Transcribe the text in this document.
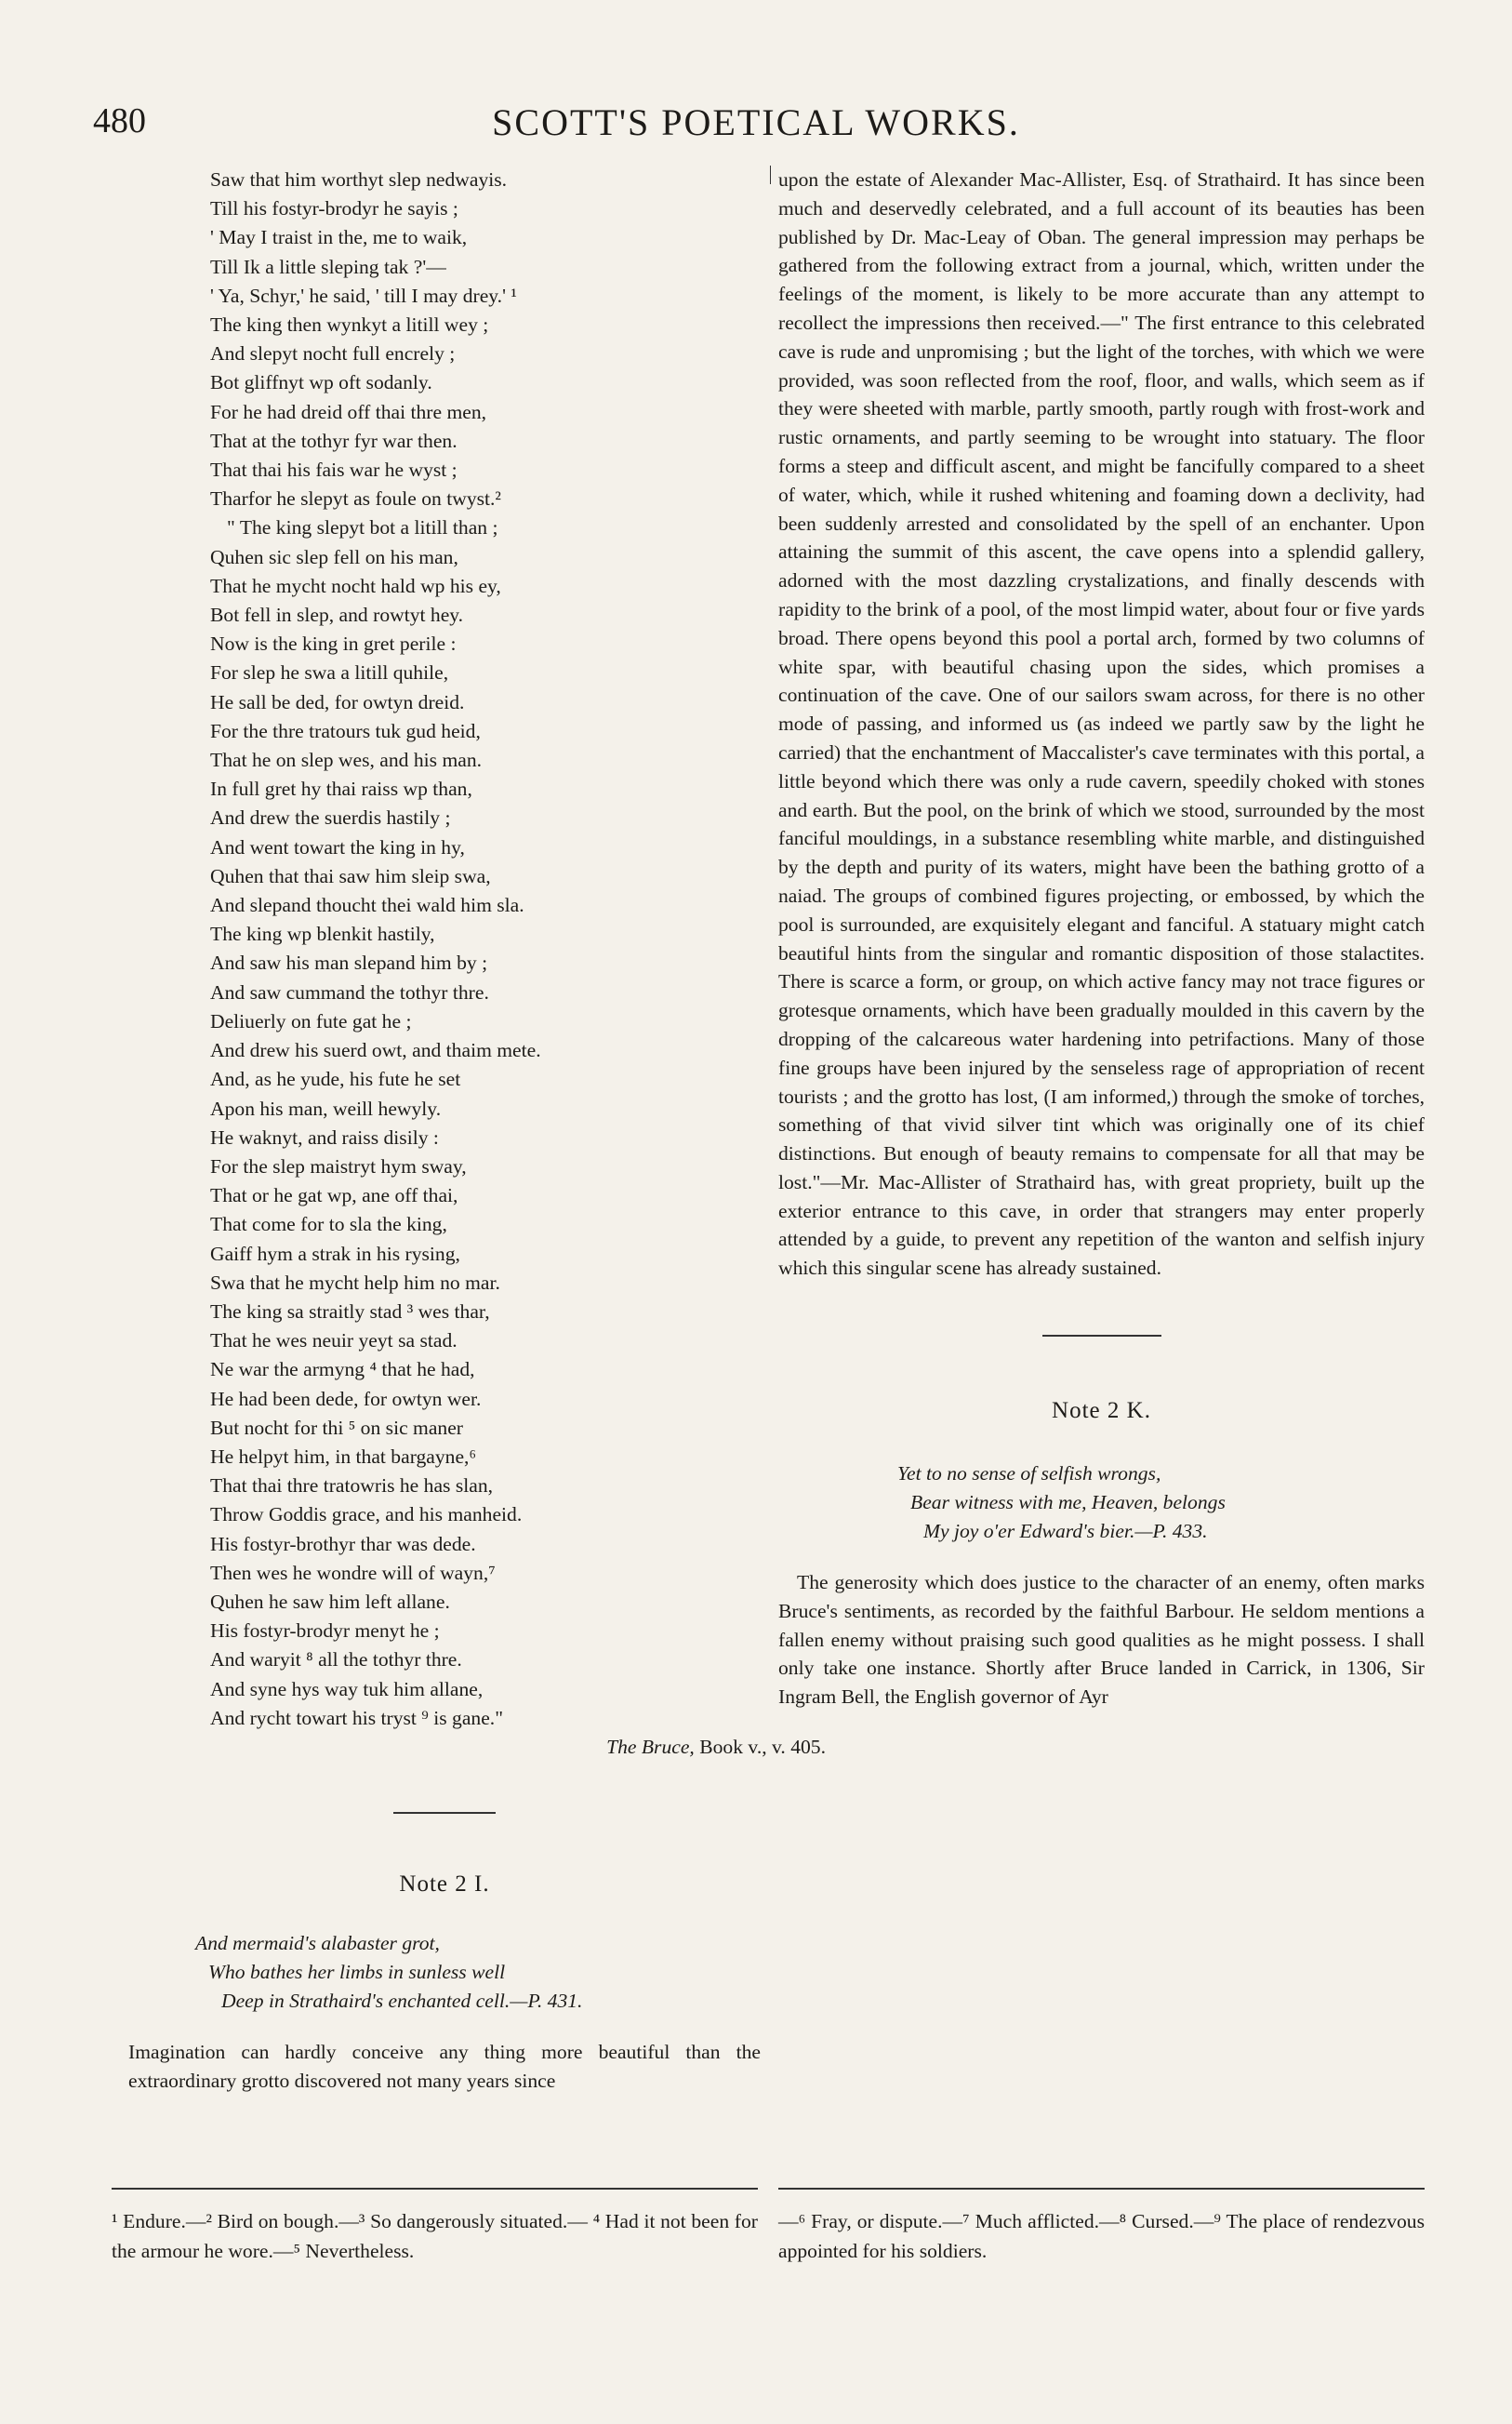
480	SCOTT'S POETICAL WORKS.
Saw that him worthyt slep nedwayis.
Till his fostyr-brodyr he sayis ;
' May I traist in the, me to waik,
Till Ik a little sleping tak ?'—
' Ya, Schyr,' he said, ' till I may drey.' ¹
The king then wynkyt a litill wey ;
And slepyt nocht full encrely ;
Bot gliffnyt wp oft sodanly.
For he had dreid off thai thre men,
That at the tothyr fyr war then.
That thai his fais war he wyst ;
Tharfor he slepyt as foule on twyst.²
" The king slepyt bot a litill than ;
Quhen sic slep fell on his man,
That he mycht nocht hald wp his ey,
Bot fell in slep, and rowtyt hey.
Now is the king in gret perile :
For slep he swa a litill quhile,
He sall be ded, for owtyn dreid.
For the thre tratours tuk gud heid,
That he on slep wes, and his man.
In full gret hy thai raiss wp than,
And drew the suerdis hastily ;
And went towart the king in hy,
Quhen that thai saw him sleip swa,
And slepand thoucht thei wald him sla.
The king wp blenkit hastily,
And saw his man slepand him by ;
And saw cummand the tothyr thre.
Deliuerly on fute gat he ;
And drew his suerd owt, and thaim mete.
And, as he yude, his fute he set
Apon his man, weill hewyly.
He waknyt, and raiss disily :
For the slep maistryt hym sway,
That or he gat wp, ane off thai,
That come for to sla the king,
Gaiff hym a strak in his rysing,
Swa that he mycht help him no mar.
The king sa straitly stad ³ wes thar,
That he wes neuir yeyt sa stad.
Ne war the armyng ⁴ that he had,
He had been dede, for owtyn wer.
But nocht for thi ⁵ on sic maner
He helpyt him, in that bargayne,⁶
That thai thre tratowris he has slan,
Throw Goddis grace, and his manheid.
His fostyr-brothyr thar was dede.
Then wes he wondre will of wayn,⁷
Quhen he saw him left allane.
His fostyr-brodyr menyt he ;
And waryit ⁸ all the tothyr thre.
And syne hys way tuk him allane,
And rycht towart his tryst ⁹ is gane."
The Bruce, Book v., v. 405.
Note 2 I.
And mermaid's alabaster grot,
Who bathes her limbs in sunless well
Deep in Strathaird's enchanted cell.—P. 431.

Imagination can hardly conceive any thing more beautiful than the extraordinary grotto discovered not many years since

upon the estate of Alexander Mac-Allister, Esq. of Strathaird. It has since been much and deservedly celebrated, and a full account of its beauties has been published by Dr. Mac-Leay of Oban. The general impression may perhaps be gathered from the following extract from a journal, which, written under the feelings of the moment, is likely to be more accurate than any attempt to recollect the impressions then received.—" The first entrance to this celebrated cave is rude and unpromising ; but the light of the torches, with which we were provided, was soon reflected from the roof, floor, and walls, which seem as if they were sheeted with marble, partly smooth, partly rough with frost-work and rustic ornaments, and partly seeming to be wrought into statuary. The floor forms a steep and difficult ascent, and might be fancifully compared to a sheet of water, which, while it rushed whitening and foaming down a declivity, had been suddenly arrested and consolidated by the spell of an enchanter. Upon attaining the summit of this ascent, the cave opens into a splendid gallery, adorned with the most dazzling crystalizations, and finally descends with rapidity to the brink of a pool, of the most limpid water, about four or five yards broad. There opens beyond this pool a portal arch, formed by two columns of white spar, with beautiful chasing upon the sides, which promises a continuation of the cave. One of our sailors swam across, for there is no other mode of passing, and informed us (as indeed we partly saw by the light he carried) that the enchantment of Maccalister's cave terminates with this portal, a little beyond which there was only a rude cavern, speedily choked with stones and earth. But the pool, on the brink of which we stood, surrounded by the most fanciful mouldings, in a substance resembling white marble, and distinguished by the depth and purity of its waters, might have been the bathing grotto of a naiad. The groups of combined figures projecting, or embossed, by which the pool is surrounded, are exquisitely elegant and fanciful. A statuary might catch beautiful hints from the singular and romantic disposition of those stalactites. There is scarce a form, or group, on which active fancy may not trace figures or grotesque ornaments, which have been gradually moulded in this cavern by the dropping of the calcareous water hardening into petrifactions. Many of those fine groups have been injured by the senseless rage of appropriation of recent tourists ; and the grotto has lost, (I am informed,) through the smoke of torches, something of that vivid silver tint which was originally one of its chief distinctions. But enough of beauty remains to compensate for all that may be lost."—Mr. Mac-Allister of Strathaird has, with great propriety, built up the exterior entrance to this cave, in order that strangers may enter properly attended by a guide, to prevent any repetition of the wanton and selfish injury which this singular scene has already sustained.

Note 2 K.
Yet to no sense of selfish wrongs,
Bear witness with me, Heaven, belongs
My joy o'er Edward's bier.—P. 433.

The generosity which does justice to the character of an enemy, often marks Bruce's sentiments, as recorded by the faithful Barbour. He seldom mentions a fallen enemy without praising such good qualities as he might possess. I shall only take one instance. Shortly after Bruce landed in Carrick, in 1306, Sir Ingram Bell, the English governor of Ayr

¹ Endure.—² Bird on bough.—³ So dangerously situated.— ⁴ Had it not been for the armour he wore.—⁵ Nevertheless.
—⁶ Fray, or dispute.—⁷ Much afflicted.—⁸ Cursed.—⁹ The place of rendezvous appointed for his soldiers.
